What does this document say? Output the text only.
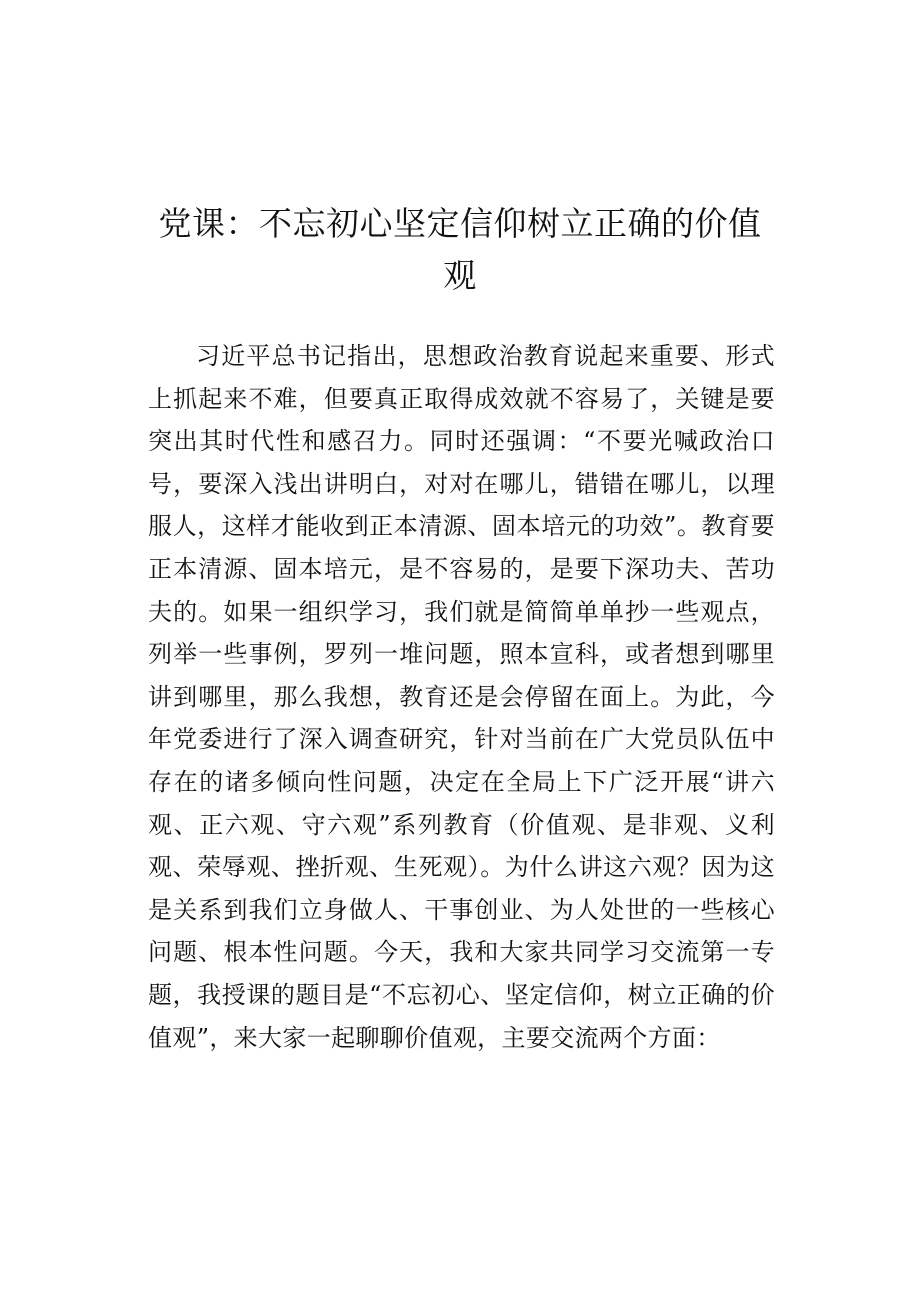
党课：不忘初心坚定信仰树立正确的价值观

习近平总书记指出，思想政治教育说起来重要、形式上抓起来不难，但要真正取得成效就不容易了，关键是要突出其时代性和感召力。同时还强调：“不要光喊政治口号，要深入浅出讲明白，对对在哪儿，错错在哪儿，以理服人，这样才能收到正本清源、固本培元的功效”。教育要正本清源、固本培元，是不容易的，是要下深功夫、苦功夫的。如果一组织学习，我们就是简简单单抄一些观点，列举一些事例，罗列一堆问题，照本宣科，或者想到哪里讲到哪里，那么我想，教育还是会停留在面上。为此，今年党委进行了深入调查研究，针对当前在广大党员队伍中存在的诸多倾向性问题，决定在全局上下广泛开展“讲六观、正六观、守六观”系列教育（价值观、是非观、义利观、荣辱观、挫折观、生死观）。为什么讲这六观？因为这是关系到我们立身做人、干事创业、为人处世的一些核心问题、根本性问题。今天，我和大家共同学习交流第一专题，我授课的题目是“不忘初心、坚定信仰，树立正确的价值观”，来大家一起聊聊价值观，主要交流两个方面：
